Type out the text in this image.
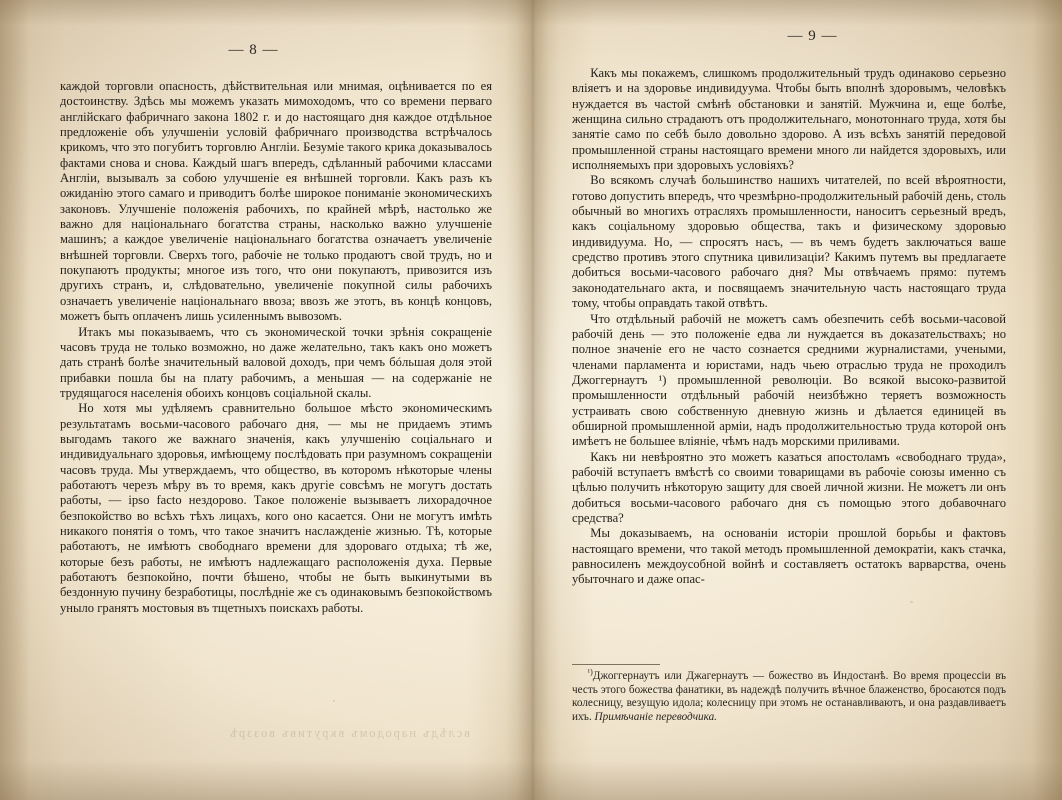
— 8 —

каждой торговли опасность, дѣйствительная или мнимая, оцѣнивается по ея достоинству. Здѣсь мы можемъ указать мимоходомъ, что со времени перваго англійскаго фабричнаго закона 1802 г. и до настоящаго дня каждое отдѣльное предложеніе объ улучшеніи условій фабричнаго производства встрѣчалось крикомъ, что это погубитъ торговлю Англіи. Безуміе такого крика доказывалось фактами снова и снова. Каждый шагъ впередъ, сдѣланный рабочими классами Англіи, вызывалъ за собою улучшеніе ея внѣшней торговли. Какъ разъ къ ожиданію этого самаго и приводитъ болѣе широкое пониманіе экономическихъ законовъ. Улучшеніе положенія рабочихъ, по крайней мѣрѣ, настолько же важно для національнаго богатства страны, насколько важно улучшеніе машинъ; а каждое увеличеніе національнаго богатства означаетъ увеличеніе внѣшней торговли. Сверхъ того, рабочіе не только продаютъ свой трудъ, но и покупаютъ продукты; многое изъ того, что они покупаютъ, привозится изъ другихъ странъ, и, слѣдовательно, увеличеніе покупной силы рабочихъ означаетъ увеличеніе національнаго ввоза; ввозъ же этотъ, въ концѣ концовъ, можетъ быть оплаченъ лишь усиленнымъ вывозомъ.

Итакъ мы показываемъ, что съ экономической точки зрѣнія сокращеніе часовъ труда не только возможно, но даже желательно, такъ какъ оно можетъ дать странѣ болѣе значительный валовой доходъ, при чемъ бóльшая доля этой прибавки пошла бы на плату рабочимъ, а меньшая — на содержаніе не трудящагося населенія обоихъ концовъ соціальной скалы.

Но хотя мы удѣляемъ сравнительно большое мѣсто экономическимъ результатамъ восьми-часового рабочаго дня, — мы не придаемъ этимъ выгодамъ такого же важнаго значенія, какъ улучшенію соціальнаго и индивидуальнаго здоровья, имѣющему послѣдовать при разумномъ сокращеніи часовъ труда. Мы утверждаемъ, что общество, въ которомъ нѣкоторые члены работаютъ черезъ мѣру въ то время, какъ другіе совсѣмъ не могутъ достать работы, — ipso facto нездорово. Такое положеніе вызываетъ лихорадочное безпокойство во всѣхъ тѣхъ лицахъ, кого оно касается. Они не могутъ имѣть никакого понятія о томъ, что такое значитъ наслажденіе жизнью. Тѣ, которые работаютъ, не имѣютъ свободнаго времени для здороваго отдыха; тѣ же, которые безъ работы, не имѣютъ надлежащаго расположенія духа. Первые работаютъ безпокойно, почти бѣшено, чтобы не быть выкинутыми въ бездонную пучину безработицы, послѣдніе же съ одинаковымъ безпокойствомъ уныло гранятъ мостовыя въ тщетныхъ поискахъ работы.

вслѣдъ народомъ вкрутивъ воззрѣ
— 9 —

Какъ мы покажемъ, слишкомъ продолжительный трудъ одинаково серьезно вліяетъ и на здоровье индивидуума. Чтобы быть вполнѣ здоровымъ, человѣкъ нуждается въ частой смѣнѣ обстановки и занятій. Мужчина и, еще болѣе, женщина сильно страдаютъ отъ продолжительнаго, монотоннаго труда, хотя бы занятіе само по себѣ было довольно здорово. А изъ всѣхъ занятій передовой промышленной страны настоящаго времени много ли найдется здоровыхъ, или исполняемыхъ при здоровыхъ условіяхъ?

Во всякомъ случаѣ большинство нашихъ читателей, по всей вѣроятности, готово допустить впередъ, что чрезмѣрно-продолжительный рабочій день, столь обычный во многихъ отрасляхъ промышленности, наноситъ серьезный вредъ, какъ соціальному здоровью общества, такъ и физическому здоровью индивидуума. Но, — спросятъ насъ, — въ чемъ будетъ заключаться ваше средство противъ этого спутника цивилизаціи? Какимъ путемъ вы предлагаете добиться восьми-часового рабочаго дня? Мы отвѣчаемъ прямо: путемъ законодательнаго акта, и посвящаемъ значительную часть настоящаго труда тому, чтобы оправдать такой отвѣтъ.

Что отдѣльный рабочій не можетъ самъ обезпечить себѣ восьми-часовой рабочій день — это положеніе едва ли нуждается въ доказательствахъ; но полное значеніе его не часто сознается средними журналистами, учеными, членами парламента и юристами, надъ чьею отраслью труда не проходилъ Джоггернаутъ ¹) промышленной революціи. Во всякой высоко-развитой промышленности отдѣльный рабочій неизбѣжно теряетъ возможность устраивать свою собственную дневную жизнь и дѣлается единицей въ обширной промышленной арміи, надъ продолжительностью труда которой онъ имѣетъ не большее вліяніе, чѣмъ надъ морскими приливами.

Какъ ни невѣроятно это можетъ казаться апостоламъ «свободнаго труда», рабочій вступаетъ вмѣстѣ со своими товарищами въ рабочіе союзы именно съ цѣлью получить нѣкоторую защиту для своей личной жизни. Не можетъ ли онъ добиться восьми-часового рабочаго дня съ помощью этого добавочнаго средства?

Мы доказываемъ, на основаніи исторіи прошлой борьбы и фактовъ настоящаго времени, что такой методъ промышленной демократіи, какъ стачка, равносиленъ междоусобной войнѣ и составляетъ остатокъ варварства, очень убыточнаго и даже опас-

$^{^1)}$Джоггернаутъ или Джагернаутъ — божество въ Индостанѣ. Во время процессіи въ честь этого божества фанатики, въ надеждѣ получить вѣчное блаженство, бросаются подъ колесницу, везущую идола; колесницу при этомъ не останавливаютъ, и она раздавливаетъ ихъ. Примѣчаніе переводчика.
